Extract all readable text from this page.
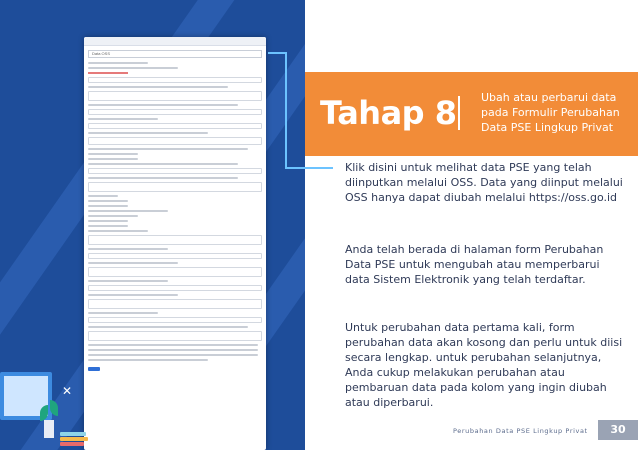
Data OSS
✕
Tahap 8 Ubah atau perbarui data pada Formulir Perubahan Data PSE Lingkup Privat
Klik disini untuk melihat data PSE yang telah diinputkan melalui OSS. Data yang diinput melalui OSS hanya dapat diubah melalui https://oss.go.id
Anda telah berada di halaman form Perubahan Data PSE untuk mengubah atau memperbarui data Sistem Elektronik yang telah terdaftar.
Untuk perubahan data pertama kali, form perubahan data akan kosong dan perlu untuk diisi secara lengkap. untuk perubahan selanjutnya, Anda cukup melakukan perubahan atau pembaruan data pada kolom yang ingin diubah atau diperbarui.
Perubahan Data PSE Lingkup Privat	30
